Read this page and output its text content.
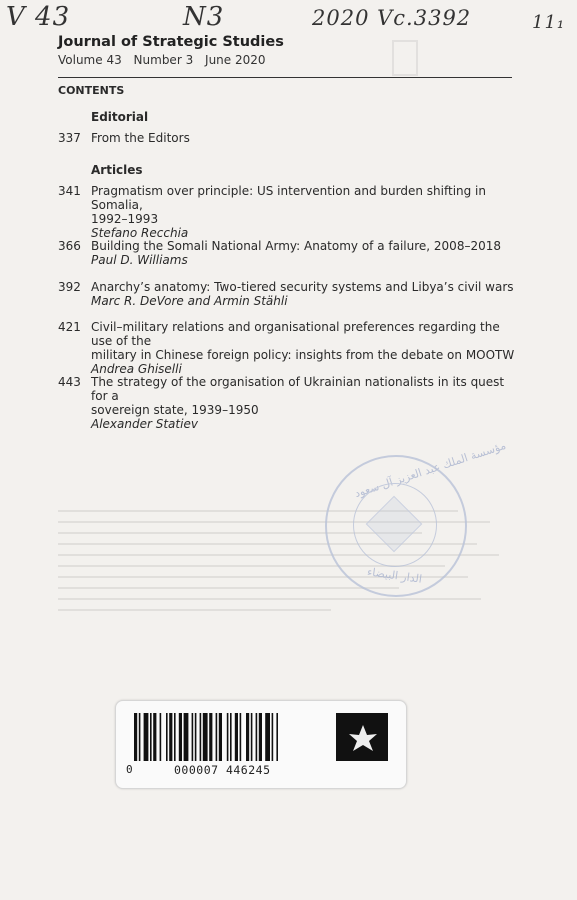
V 43	N3	2020 Vc.3392	11₁
Journal of Strategic Studies
Volume 43 Number 3 June 2020
CONTENTS
Editorial
337 From the Editors
Articles
341 Pragmatism over principle: US intervention and burden shifting in Somalia,
1992–1993
Stefano Recchia
366 Building the Somali National Army: Anatomy of a failure, 2008–2018
Paul D. Williams
392 Anarchy’s anatomy: Two-tiered security systems and Libya’s civil wars
Marc R. DeVore and Armin Stähli
421 Civil–military relations and organisational preferences regarding the use of the
military in Chinese foreign policy: insights from the debate on MOOTW
Andrea Ghiselli
443 The strategy of the organisation of Ukrainian nationalists in its quest for a
sovereign state, 1939–1950
Alexander Statiev
مؤسسة الملك عبد العزيز آل سعود
الدار البيضاء
0	000007 446245
